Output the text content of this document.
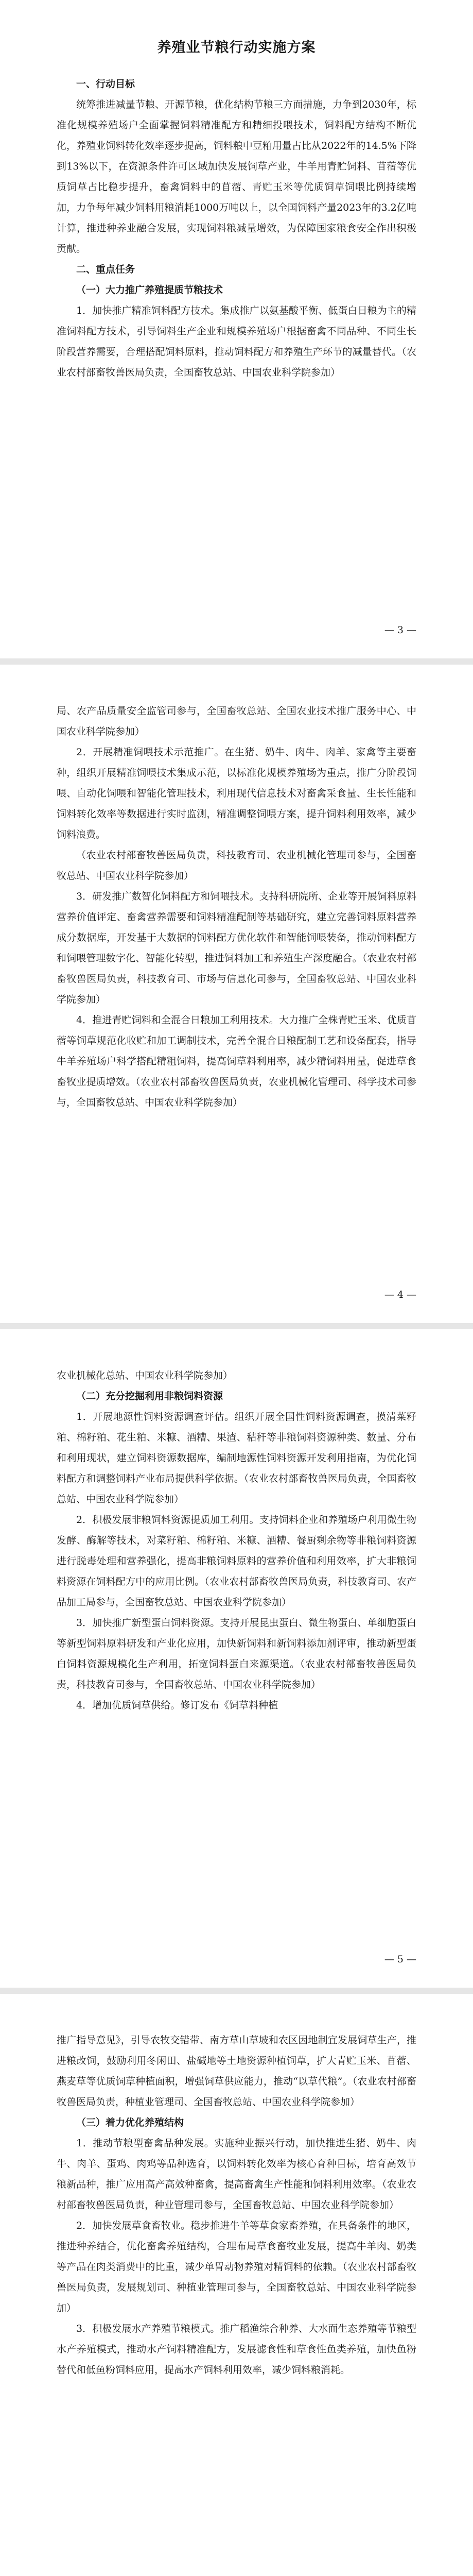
养殖业节粮行动实施方案

一、行动目标

统筹推进减量节粮、开源节粮，优化结构节粮三方面措施，力争到2030年，标准化规模养殖场户全面掌握饲料精准配方和精细投喂技术，饲料配方结构不断优化，养殖业饲料转化效率逐步提高，饲料粮中豆粕用量占比从2022年的14.5%下降到13%以下，在资源条件许可区域加快发展饲草产业，牛羊用青贮饲料、苜蓿等优质饲草占比稳步提升，畜禽饲料中的苜蓿、青贮玉米等优质饲草饲喂比例持续增加，力争每年减少饲料用粮消耗1000万吨以上，以全国饲料产量2023年的3.2亿吨计算，推进种养业融合发展，实现饲料粮减量增效，为保障国家粮食安全作出积极贡献。

二、重点任务

（一）大力推广养殖提质节粮技术

1．加快推广精准饲料配方技术。集成推广以氨基酸平衡、低蛋白日粮为主的精准饲料配方技术，引导饲料生产企业和规模养殖场户根据畜禽不同品种、不同生长阶段营养需要，合理搭配饲料原料，推动饲料配方和养殖生产环节的减量替代。（农业农村部畜牧兽医局负责，全国畜牧总站、中国农业科学院参加）

— 3 —

局、农产品质量安全监管司参与，全国畜牧总站、全国农业技术推广服务中心、中国农业科学院参加）

2．开展精准饲喂技术示范推广。在生猪、奶牛、肉牛、肉羊、家禽等主要畜种，组织开展精准饲喂技术集成示范，以标准化规模养殖场为重点，推广分阶段饲喂、自动化饲喂和智能化管理技术，利用现代信息技术对畜禽采食量、生长性能和饲料转化效率等数据进行实时监测，精准调整饲喂方案，提升饲料利用效率，减少饲料浪费。

（农业农村部畜牧兽医局负责，科技教育司、农业机械化管理司参与，全国畜牧总站、中国农业科学院参加）

3．研发推广数智化饲料配方和饲喂技术。支持科研院所、企业等开展饲料原料营养价值评定、畜禽营养需要和饲料精准配制等基础研究，建立完善饲料原料营养成分数据库，开发基于大数据的饲料配方优化软件和智能饲喂装备，推动饲料配方和饲喂管理数字化、智能化转型，推进饲料加工和养殖生产深度融合。（农业农村部畜牧兽医局负责，科技教育司、市场与信息化司参与，全国畜牧总站、中国农业科学院参加）

4．推进青贮饲料和全混合日粮加工利用技术。大力推广全株青贮玉米、优质苜蓿等饲草规范化收贮和加工调制技术，完善全混合日粮配制工艺和设备配套，指导牛羊养殖场户科学搭配精粗饲料，提高饲草料利用率，减少精饲料用量，促进草食畜牧业提质增效。（农业农村部畜牧兽医局负责，农业机械化管理司、科学技术司参与，全国畜牧总站、中国农业科学院参加）

— 4 —

农业机械化总站、中国农业科学院参加）

（二）充分挖掘利用非粮饲料资源

1．开展地源性饲料资源调查评估。组织开展全国性饲料资源调查，摸清菜籽粕、棉籽粕、花生粕、米糠、酒糟、果渣、秸秆等非粮饲料资源种类、数量、分布和利用现状，建立饲料资源数据库，编制地源性饲料资源开发利用指南，为优化饲料配方和调整饲料产业布局提供科学依据。（农业农村部畜牧兽医局负责，全国畜牧总站、中国农业科学院参加）

2．积极发展非粮饲料资源提质加工利用。支持饲料企业和养殖场户利用微生物发酵、酶解等技术，对菜籽粕、棉籽粕、米糠、酒糟、餐厨剩余物等非粮饲料资源进行脱毒处理和营养强化，提高非粮饲料原料的营养价值和利用效率，扩大非粮饲料资源在饲料配方中的应用比例。（农业农村部畜牧兽医局负责，科技教育司、农产品加工局参与，全国畜牧总站、中国农业科学院参加）

3．加快推广新型蛋白饲料资源。支持开展昆虫蛋白、微生物蛋白、单细胞蛋白等新型饲料原料研发和产业化应用，加快新饲料和新饲料添加剂评审，推动新型蛋白饲料资源规模化生产利用，拓宽饲料蛋白来源渠道。（农业农村部畜牧兽医局负责，科技教育司参与，全国畜牧总站、中国农业科学院参加）

4．增加优质饲草供给。修订发布《饲草料种植

— 5 —

推广指导意见》，引导农牧交错带、南方草山草坡和农区因地制宜发展饲草生产，推进粮改饲，鼓励利用冬闲田、盐碱地等土地资源种植饲草，扩大青贮玉米、苜蓿、燕麦草等优质饲草种植面积，增强饲草供应能力，推动“以草代粮”。（农业农村部畜牧兽医局负责，种植业管理司、全国畜牧总站、中国农业科学院参加）

（三）着力优化养殖结构

1．推动节粮型畜禽品种发展。实施种业振兴行动，加快推进生猪、奶牛、肉牛、肉羊、蛋鸡、肉鸡等品种选育，以饲料转化效率为核心育种目标，培育高效节粮新品种，推广应用高产高效种畜禽，提高畜禽生产性能和饲料利用效率。（农业农村部畜牧兽医局负责，种业管理司参与，全国畜牧总站、中国农业科学院参加）

2．加快发展草食畜牧业。稳步推进牛羊等草食家畜养殖，在具备条件的地区，推进种养结合，优化畜禽养殖结构，合理布局草食畜牧业发展，提高牛羊肉、奶类等产品在肉类消费中的比重，减少单胃动物养殖对精饲料的依赖。（农业农村部畜牧兽医局负责，发展规划司、种植业管理司参与，全国畜牧总站、中国农业科学院参加）

3．积极发展水产养殖节粮模式。推广稻渔综合种养、大水面生态养殖等节粮型水产养殖模式，推动水产饲料精准配方，发展滤食性和草食性鱼类养殖，加快鱼粉替代和低鱼粉饲料应用，提高水产饲料利用效率，减少饲料粮消耗。
